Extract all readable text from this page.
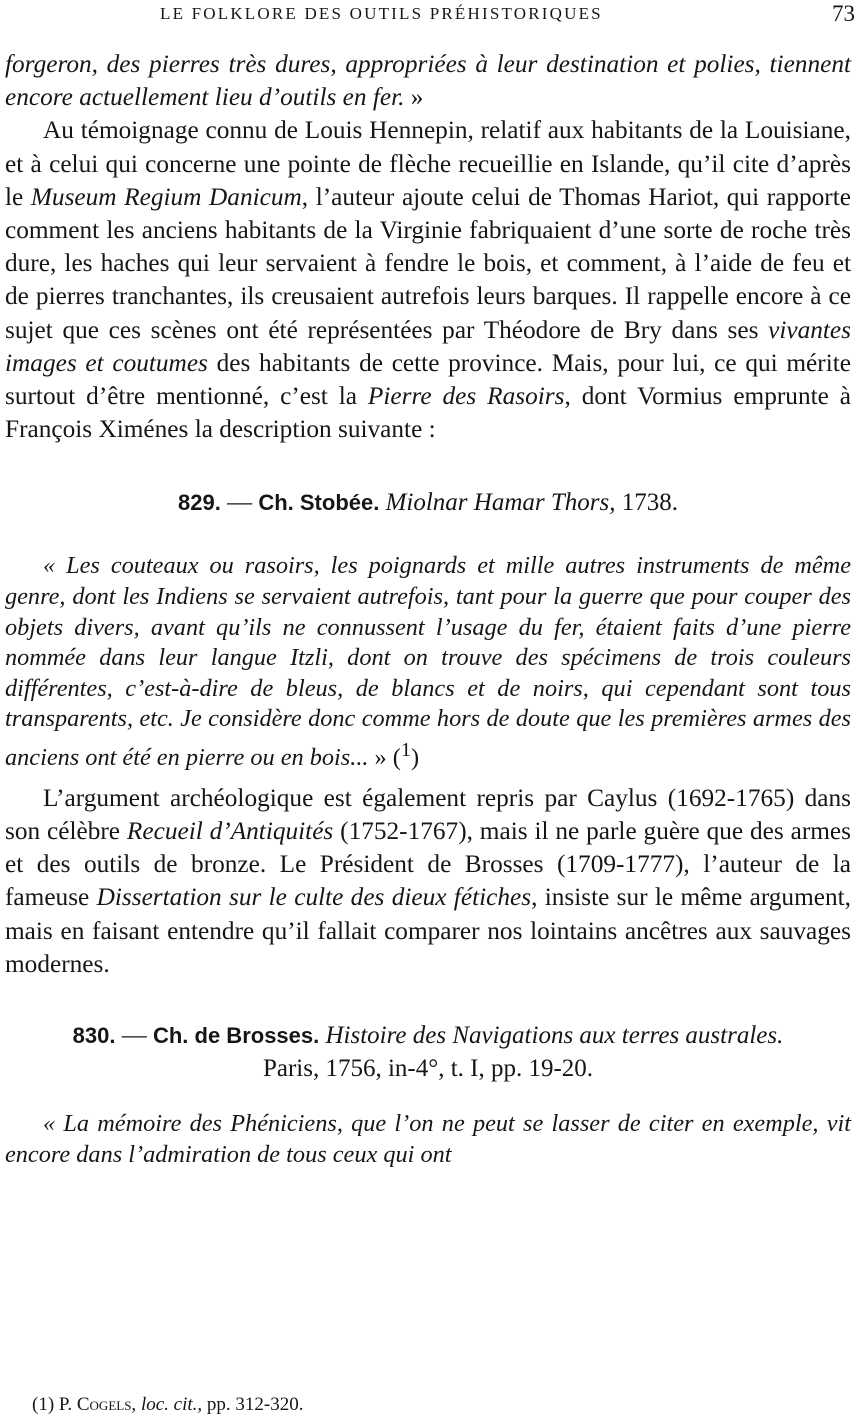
LE FOLKLORE DES OUTILS PRÉHISTORIQUES	73

forgeron, des pierres très dures, appropriées à leur destination et polies, tiennent encore actuellement lieu d’outils en fer. »

Au témoignage connu de Louis Hennepin, relatif aux habitants de la Louisiane, et à celui qui concerne une pointe de flèche recueillie en Islande, qu’il cite d’après le Museum Regium Danicum, l’auteur ajoute celui de Thomas Hariot, qui rapporte comment les anciens habitants de la Virginie fabriquaient d’une sorte de roche très dure, les haches qui leur servaient à fendre le bois, et comment, à l’aide de feu et de pierres tranchantes, ils creusaient autrefois leurs barques. Il rappelle encore à ce sujet que ces scènes ont été représentées par Théodore de Bry dans ses vivantes images et coutumes des habitants de cette province. Mais, pour lui, ce qui mérite surtout d’être mentionné, c’est la Pierre des Rasoirs, dont Vormius emprunte à François Ximénes la description suivante :

829. — Ch. Stobée. Miolnar Hamar Thors, 1738.

« Les couteaux ou rasoirs, les poignards et mille autres instruments de même genre, dont les Indiens se servaient autrefois, tant pour la guerre que pour couper des objets divers, avant qu’ils ne connussent l’usage du fer, étaient faits d’une pierre nommée dans leur langue Itzli, dont on trouve des spécimens de trois couleurs différentes, c’est-à-dire de bleus, de blancs et de noirs, qui cependant sont tous transparents, etc. Je considère donc comme hors de doute que les premières armes des anciens ont été en pierre ou en bois... » ($^1$)

L’argument archéologique est également repris par Caylus (1692-1765) dans son célèbre Recueil d’Antiquités (1752-1767), mais il ne parle guère que des armes et des outils de bronze. Le Président de Brosses (1709-1777), l’auteur de la fameuse Dissertation sur le culte des dieux fétiches, insiste sur le même argument, mais en faisant entendre qu’il fallait comparer nos lointains ancêtres aux sauvages modernes.

830. — Ch. de Brosses. Histoire des Navigations aux terres australes.
Paris, 1756, in-4°, t. I, pp. 19-20.

« La mémoire des Phéniciens, que l’on ne peut se lasser de citer en exemple, vit encore dans l’admiration de tous ceux qui ont

(1) P. Cogels, loc. cit., pp. 312-320.
